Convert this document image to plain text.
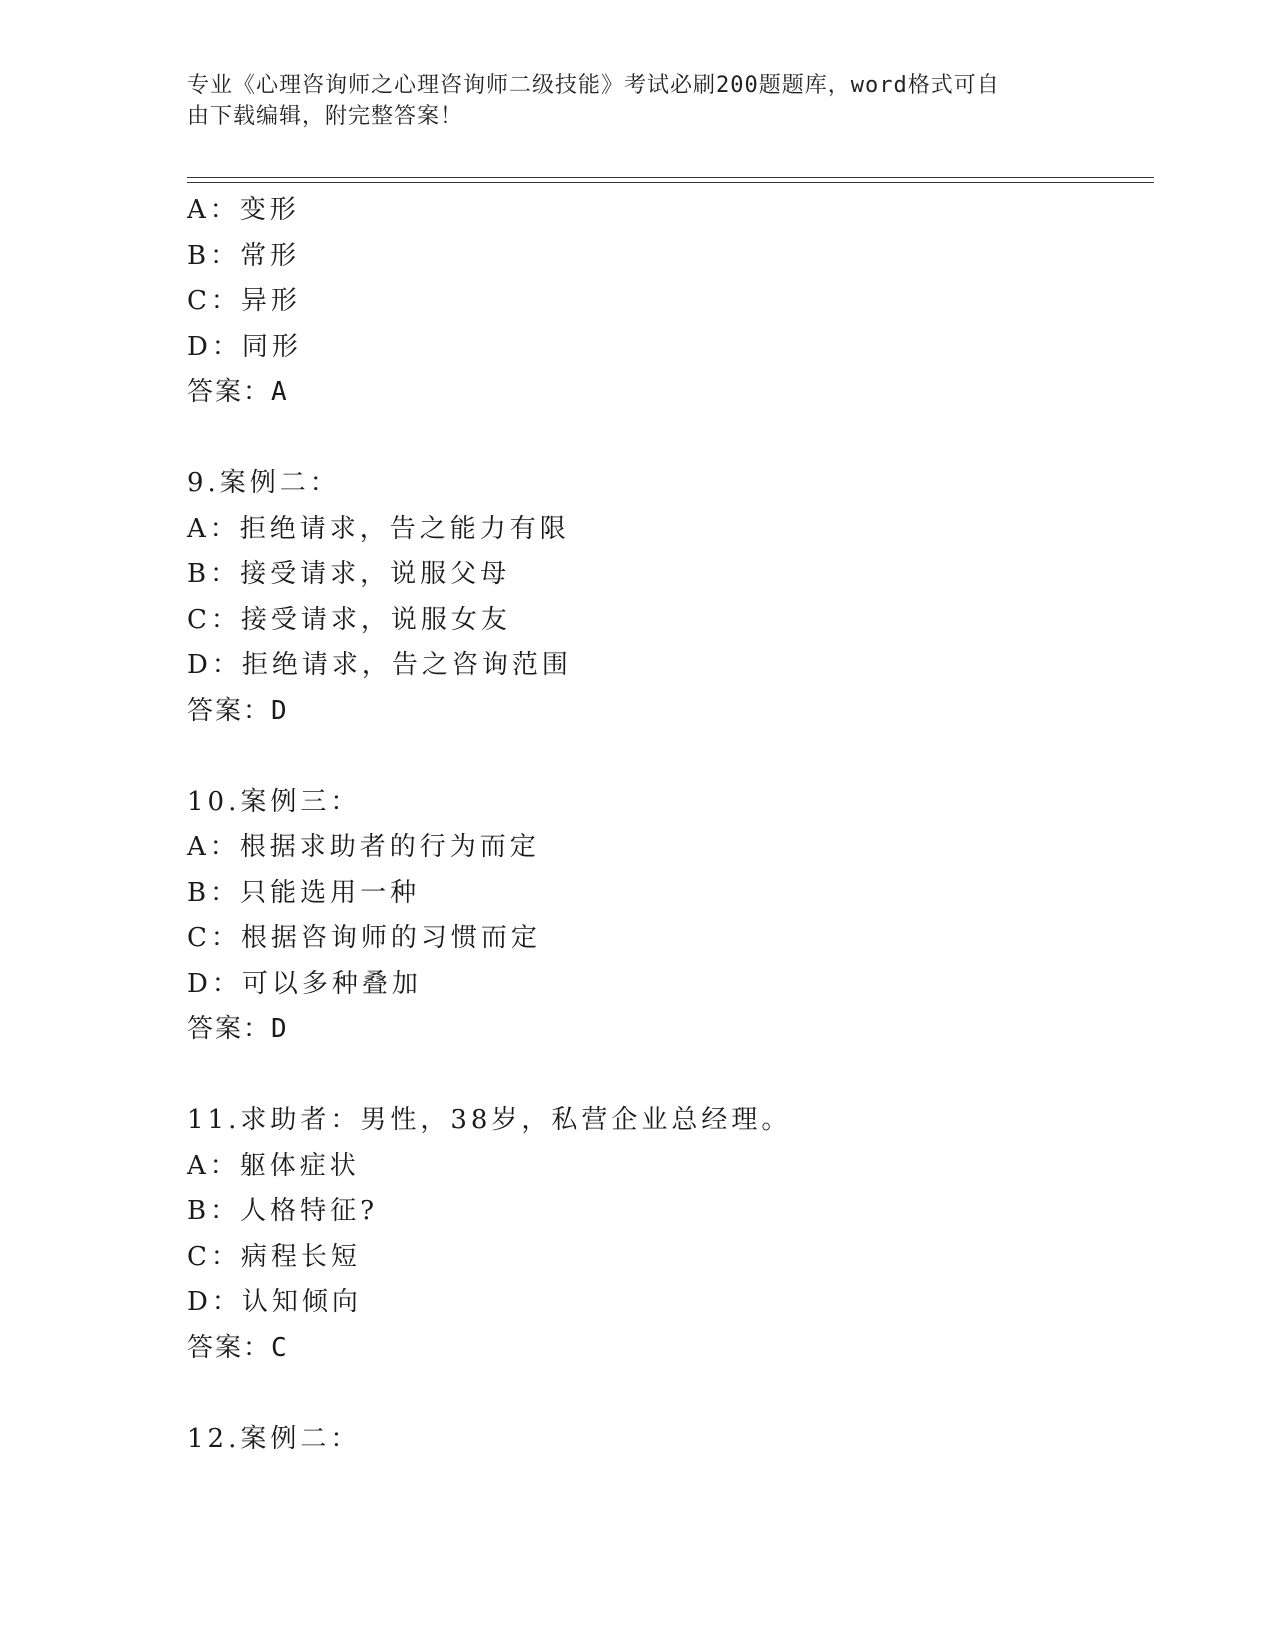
专业《心理咨询师之心理咨询师二级技能》考试必刷200题题库，word格式可自
由下载编辑，附完整答案！
A：变形
B：常形
C：异形
D：同形
答案：A
9.案例二：
A：拒绝请求，告之能力有限
B：接受请求，说服父母
C：接受请求，说服女友
D：拒绝请求，告之咨询范围
答案：D
10.案例三：
A：根据求助者的行为而定
B：只能选用一种
C：根据咨询师的习惯而定
D：可以多种叠加
答案：D
11.求助者：男性，38岁，私营企业总经理。
A：躯体症状
B：人格特征?
C：病程长短
D：认知倾向
答案：C
12.案例二：
